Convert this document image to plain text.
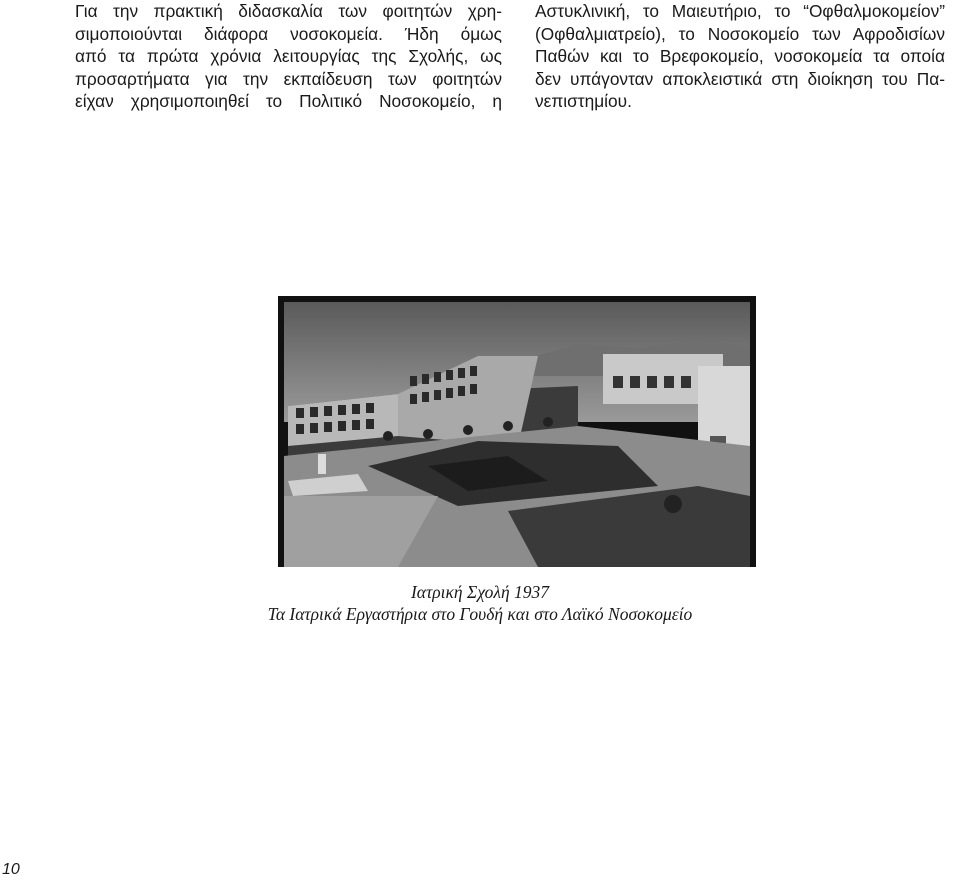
Για την πρακτική διδασκαλία των φοιτητών χρη-
σιμοποιούνται διάφορα νοσοκομεία. Ήδη όμως
από τα πρώτα χρόνια λειτουργίας της Σχολής, ως
προσαρτήματα για την εκπαίδευση των φοιτητών
είχαν χρησιμοποιηθεί το Πολιτικό Νοσοκομείο, η
Αστυκλινική, το Μαιευτήριο, το “Οφθαλμοκομείον”
(Οφθαλμιατρείο), το Νοσοκομείο των Αφροδισίων
Παθών και το Βρεφοκομείο, νοσοκομεία τα οποία
δεν υπάγονταν αποκλειστικά στη διοίκηση του Πα-
νεπιστημίου.
Ιατρική Σχολή 1937
Τα Ιατρικά Εργαστήρια στο Γουδή και στο Λαϊκό Νοσοκομείο
10
